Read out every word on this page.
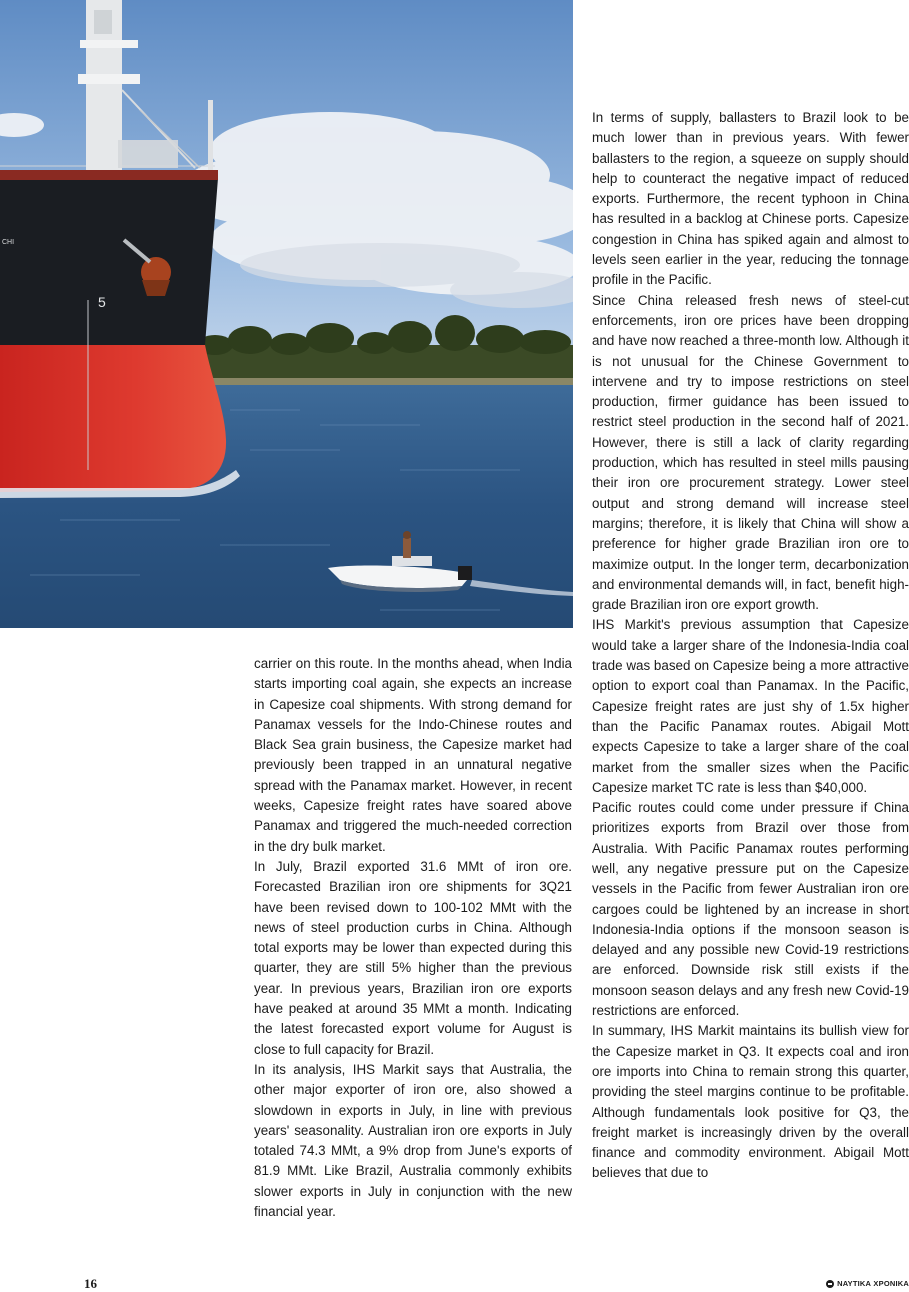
CHI
5

carrier on this route. In the months ahead, when India starts importing coal again, she expects an increase in Capesize coal shipments. With strong demand for Panamax vessels for the Indo-Chinese routes and Black Sea grain business, the Capesize market had previously been trapped in an unnatural negative spread with the Panamax market. However, in recent weeks, Capesize freight rates have soared above Panamax and triggered the much-needed correction in the dry bulk market.

In July, Brazil exported 31.6 MMt of iron ore. Forecasted Brazilian iron ore shipments for 3Q21 have been revised down to 100-102 MMt with the news of steel production curbs in China. Although total exports may be lower than expected during this quarter, they are still 5% higher than the previous year. In previous years, Brazilian iron ore exports have peaked at around 35 MMt a month. Indicating the latest forecasted export volume for August is close to full capacity for Brazil.

In its analysis, IHS Markit says that Australia, the other major exporter of iron ore, also showed a slowdown in exports in July, in line with previous years' seasonality. Australian iron ore exports in July totaled 74.3 MMt, a 9% drop from June's exports of 81.9 MMt. Like Brazil, Australia commonly exhibits slower exports in July in conjunction with the new financial year.

In terms of supply, ballasters to Brazil look to be much lower than in previous years. With fewer ballasters to the region, a squeeze on supply should help to counteract the negative impact of reduced exports. Furthermore, the recent typhoon in China has resulted in a backlog at Chinese ports. Capesize congestion in China has spiked again and almost to levels seen earlier in the year, reducing the tonnage profile in the Pacific.

Since China released fresh news of steel-cut enforcements, iron ore prices have been dropping and have now reached a three-month low. Although it is not unusual for the Chinese Government to intervene and try to impose restrictions on steel production, firmer guidance has been issued to restrict steel production in the second half of 2021. However, there is still a lack of clarity regarding production, which has resulted in steel mills pausing their iron ore procurement strategy. Lower steel output and strong demand will increase steel margins; therefore, it is likely that China will show a preference for higher grade Brazilian iron ore to maximize output. In the longer term, decarbonization and environmental demands will, in fact, benefit high-grade Brazilian iron ore export growth.

IHS Markit's previous assumption that Capesize would take a larger share of the Indonesia-India coal trade was based on Capesize being a more attractive option to export coal than Panamax. In the Pacific, Capesize freight rates are just shy of 1.5x higher than the Pacific Panamax routes. Abigail Mott expects Capesize to take a larger share of the coal market from the smaller sizes when the Pacific Capesize market TC rate is less than $40,000.

Pacific routes could come under pressure if China prioritizes exports from Brazil over those from Australia. With Pacific Panamax routes performing well, any negative pressure put on the Capesize vessels in the Pacific from fewer Australian iron ore cargoes could be lightened by an increase in short Indonesia-India options if the monsoon season is delayed and any possible new Covid-19 restrictions are enforced. Downside risk still exists if the monsoon season delays and any fresh new Covid-19 restrictions are enforced.

In summary, IHS Markit maintains its bullish view for the Capesize market in Q3. It expects coal and iron ore imports into China to remain strong this quarter, providing the steel margins continue to be profitable. Although fundamentals look positive for Q3, the freight market is increasingly driven by the overall finance and commodity environment. Abigail Mott believes that due to

16	ΝΑΥΤΙΚΑ ΧΡΟΝΙΚΑ
